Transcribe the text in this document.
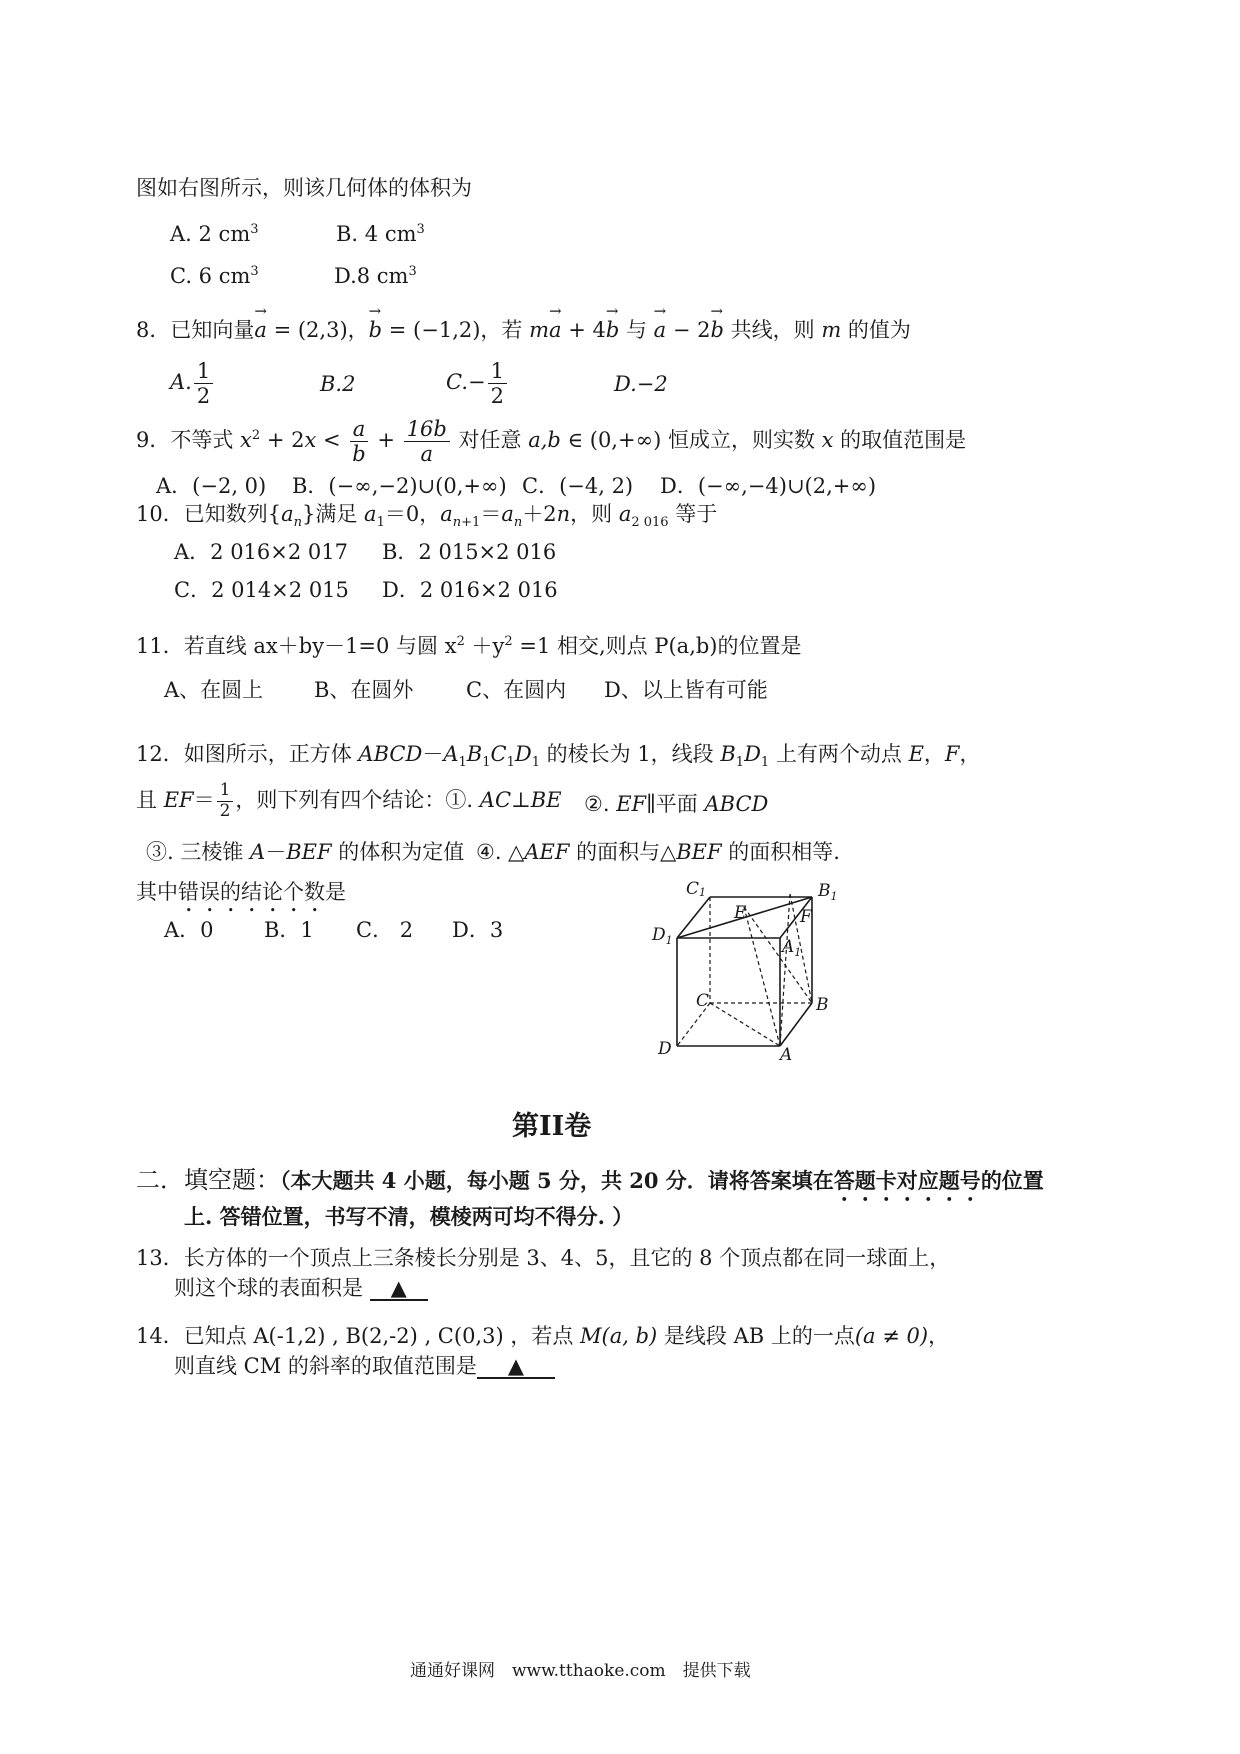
图如右图所示，则该几何体的体积为
A. 2 $cm^3$	B. 4 $cm^3$
C. 6 $cm^3$	D.8 $cm^3$
8．已知向量→ a = (2,3)，→ b = (−1,2)，若 m→ a + 4→ b 与 → a − 2→ b 共线，则 m 的值为
A. $\frac{1}{2}$	B.2	$C.- \frac{1}{2}$	D.−2
9．不等式 $x^2 + 2x < \frac{a}{b} + \frac{16b}{a}$ 对任意 a,b ∈ (0,+∞) 恒成立，则实数 x 的取值范围是
A．(−2, 0) B．(−∞,−2)∪(0,+∞) C．(−4, 2) D．(−∞,−4)∪(2,+∞)
10．已知数列$\{a_n\}$满足 $a_1=0$，$a_{n+1}=a_n+2n$，则 $a_{2 016}$ 等于
A．2 016×2 017 B．2 015×2 016
C．2 014×2 015 D．2 016×2 016
11．若直线 ax＋by－1=0 与圆 $x^2 +y^2 =1$ 相交,则点 P(a,b)的位置是
A、在圆上 B、在圆外	C、在圆内 D、以上皆有可能
12．如图所示，正方体 $ABCD-A_1B_1C_1D_1$ 的棱长为 1，线段 $B_1D_1$ 上有两个动点 E，F，
且 $EF= \frac{1}{2}$ ，则下列有四个结论：①. AC⊥BE ②. EF∥平面 ABCD
③. 三棱锥 A－BEF 的体积为定值 ④. △AEF 的面积与△BEF 的面积相等.
其中错误的结论个数是
A．0 B．1 C． 2 D．3
C1	$B_1$
$D_1$	$A_1$
E	F
C	B
D	A
第II卷
二．填空题：（本大题共 4 小题，每小题 5 分，共 20 分．请将答案填在答题卡对应题号的位置
上. 答错位置，书写不清，模棱两可均不得分. ）
13．长方体的一个顶点上三条棱长分别是 3、4、5，且它的 8 个顶点都在同一球面上，
则这个球的表面积是 ▲
14．已知点 A(-1,2) , B(2,-2) , C(0,3) ，若点 M(a, b) 是线段 AB 上的一点(a ≠ 0)，
则直线 CM 的斜率的取值范围是 ▲
通通好课网　www.tthaoke.com　提供下载
